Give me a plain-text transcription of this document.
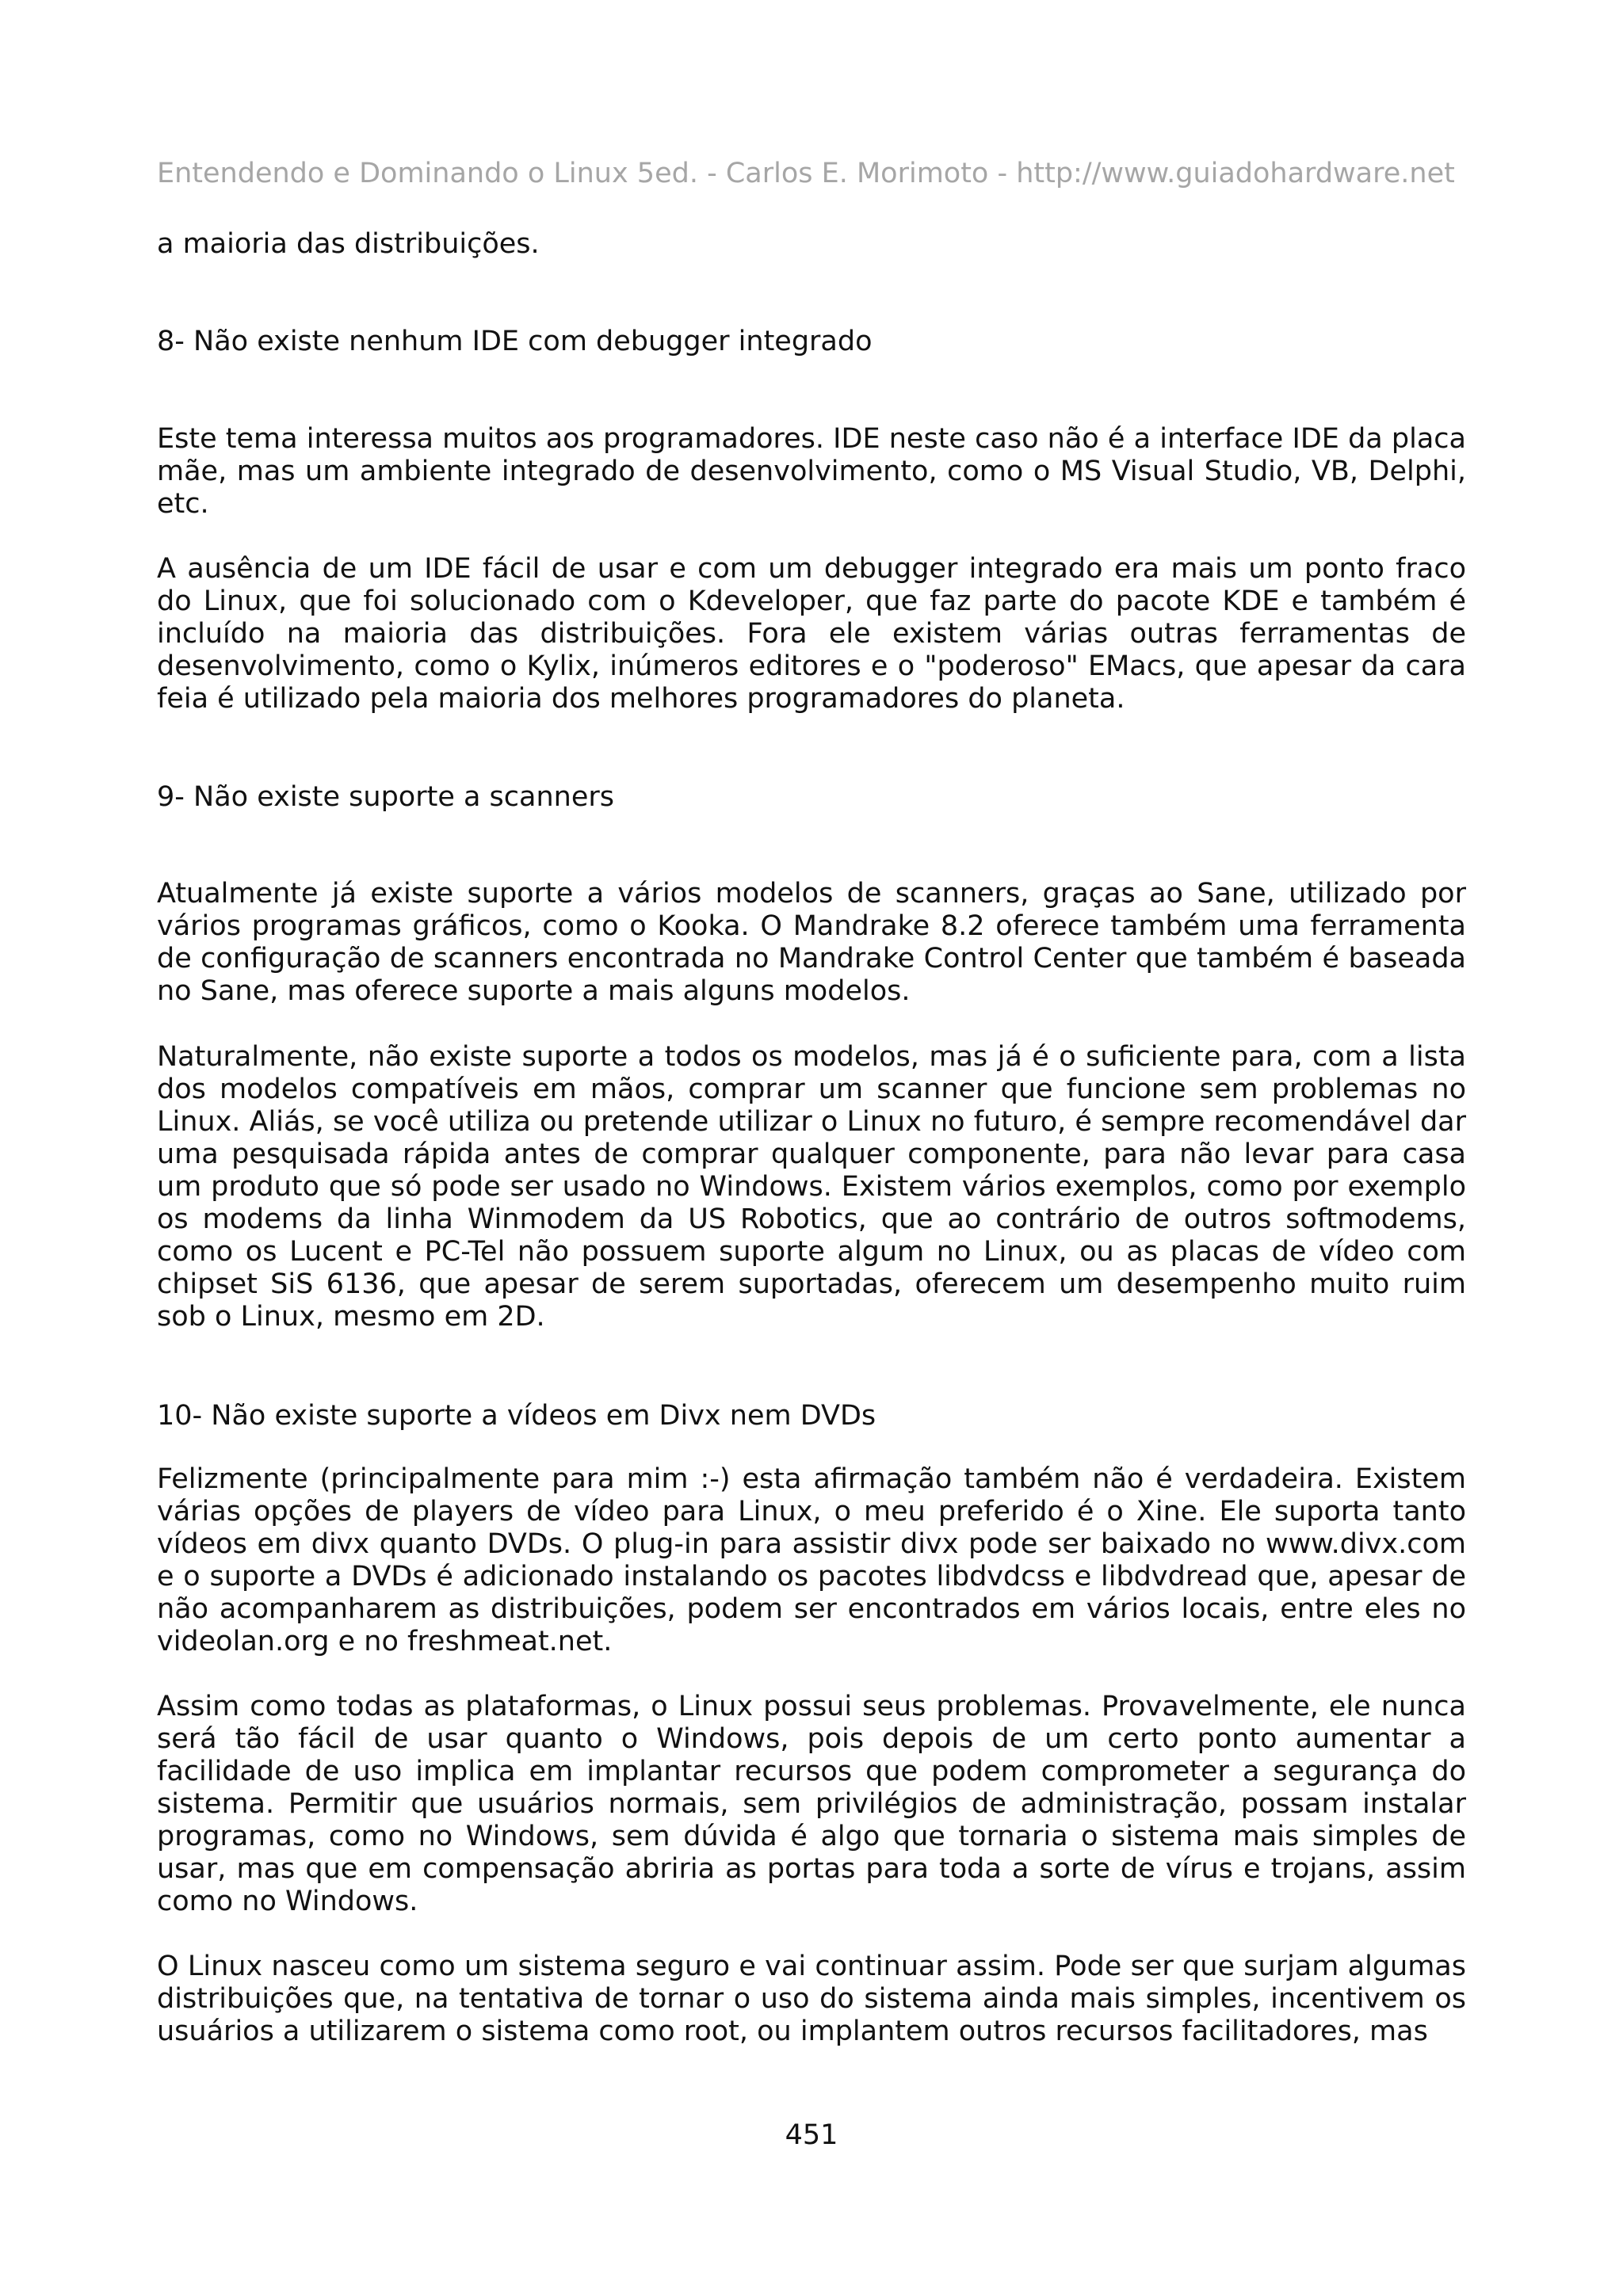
Entendendo e Dominando o Linux 5ed. - Carlos E. Morimoto - http://www.guiadohardware.net

a maioria das distribuições.

8- Não existe nenhum IDE com debugger integrado

Este tema interessa muitos aos programadores. IDE neste caso não é a interface IDE da placa mãe, mas um ambiente integrado de desenvolvimento, como o MS Visual Studio, VB, Delphi, etc.

A ausência de um IDE fácil de usar e com um debugger integrado era mais um ponto fraco do Linux, que foi solucionado com o Kdeveloper, que faz parte do pacote KDE e também é incluído na maioria das distribuições. Fora ele existem várias outras ferramentas de desenvolvimento, como o Kylix, inúmeros editores e o "poderoso" EMacs, que apesar da cara feia é utilizado pela maioria dos melhores programadores do planeta.

9- Não existe suporte a scanners

Atualmente já existe suporte a vários modelos de scanners, graças ao Sane, utilizado por vários programas gráficos, como o Kooka. O Mandrake 8.2 oferece também uma ferramenta de configuração de scanners encontrada no Mandrake Control Center que também é baseada no Sane, mas oferece suporte a mais alguns modelos.

Naturalmente, não existe suporte a todos os modelos, mas já é o suficiente para, com a lista dos modelos compatíveis em mãos, comprar um scanner que funcione sem problemas no Linux. Aliás, se você utiliza ou pretende utilizar o Linux no futuro, é sempre recomendável dar uma pesquisada rápida antes de comprar qualquer componente, para não levar para casa um produto que só pode ser usado no Windows. Existem vários exemplos, como por exemplo os modems da linha Winmodem da US Robotics, que ao contrário de outros softmodems, como os Lucent e PC-Tel não possuem suporte algum no Linux, ou as placas de vídeo com chipset SiS 6136, que apesar de serem suportadas, oferecem um desempenho muito ruim sob o Linux, mesmo em 2D.

10- Não existe suporte a vídeos em Divx nem DVDs

Felizmente (principalmente para mim :-) esta afirmação também não é verdadeira. Existem várias opções de players de vídeo para Linux, o meu preferido é o Xine. Ele suporta tanto vídeos em divx quanto DVDs. O plug-in para assistir divx pode ser baixado no www.divx.com e o suporte a DVDs é adicionado instalando os pacotes libdvdcss e libdvdread que, apesar de não acompanharem as distribuições, podem ser encontrados em vários locais, entre eles no videolan.org e no freshmeat.net.

Assim como todas as plataformas, o Linux possui seus problemas. Provavelmente, ele nunca será tão fácil de usar quanto o Windows, pois depois de um certo ponto aumentar a facilidade de uso implica em implantar recursos que podem comprometer a segurança do sistema. Permitir que usuários normais, sem privilégios de administração, possam instalar programas, como no Windows, sem dúvida é algo que tornaria o sistema mais simples de usar, mas que em compensação abriria as portas para toda a sorte de vírus e trojans, assim como no Windows.

O Linux nasceu como um sistema seguro e vai continuar assim. Pode ser que surjam algumas distribuições que, na tentativa de tornar o uso do sistema ainda mais simples, incentivem os usuários a utilizarem o sistema como root, ou implantem outros recursos facilitadores, mas

451
